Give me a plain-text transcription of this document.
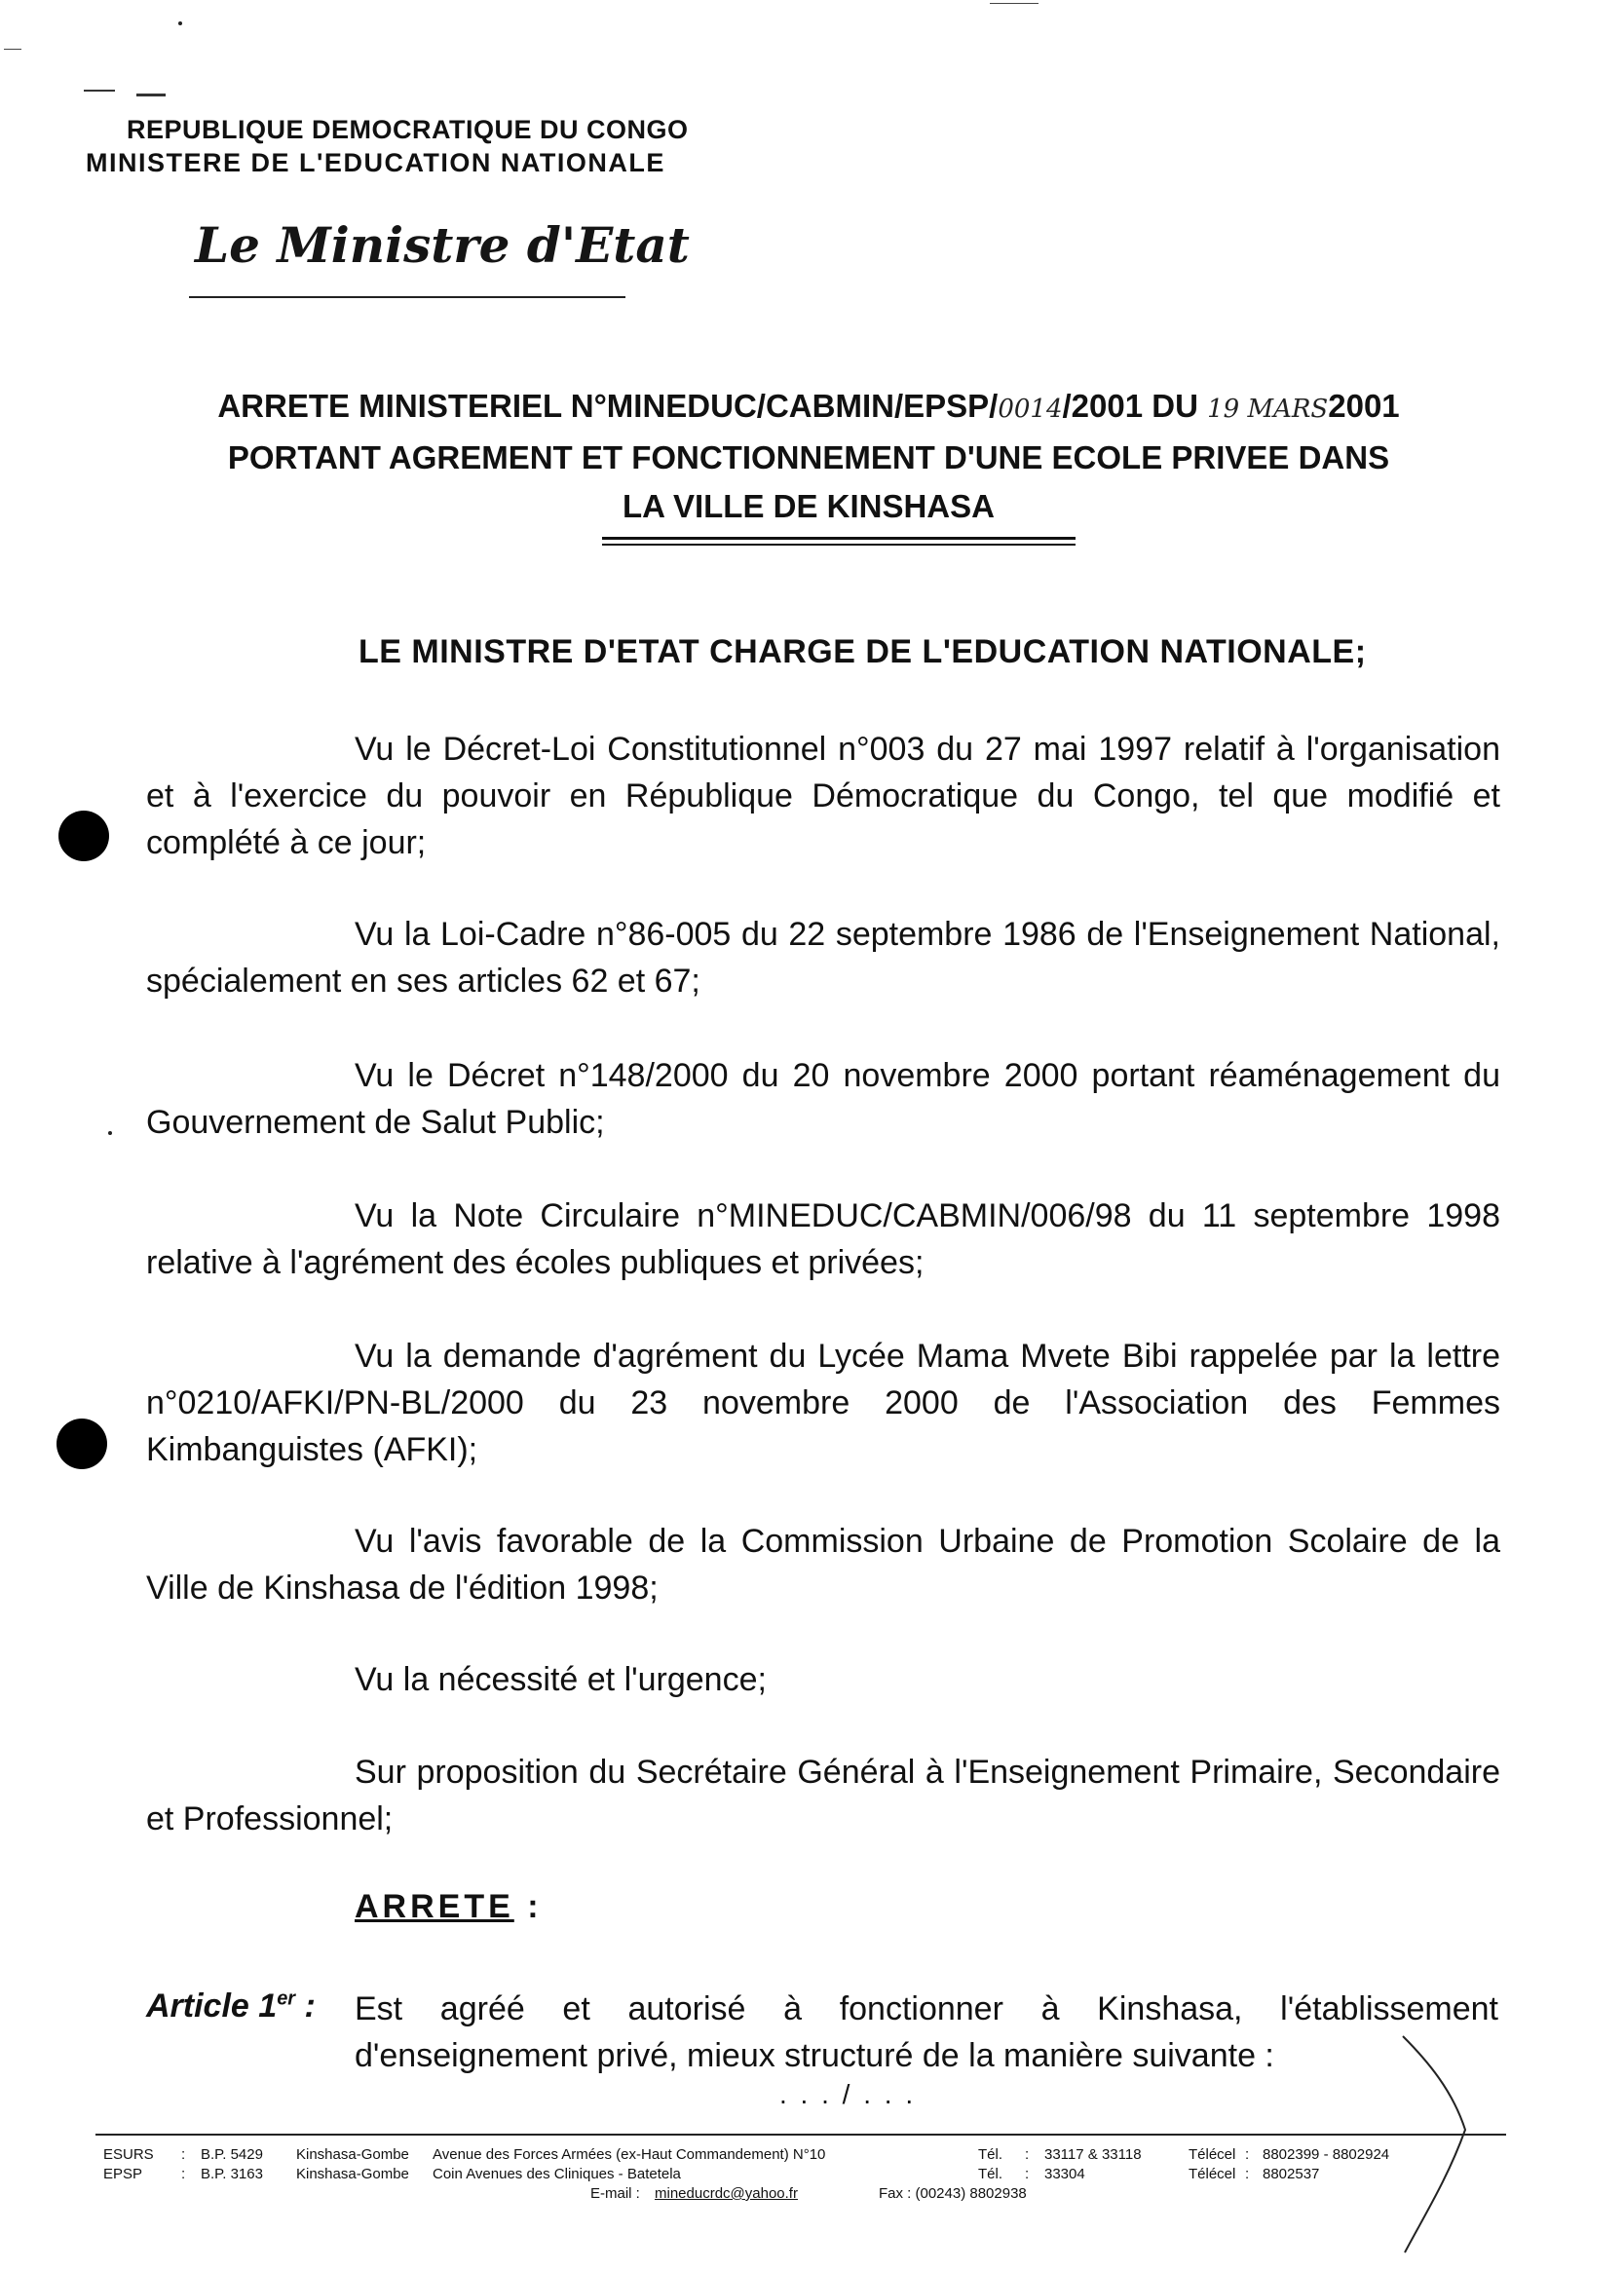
REPUBLIQUE DEMOCRATIQUE DU CONGO
MINISTERE DE L'EDUCATION NATIONALE
Le Ministre d'Etat
ARRETE MINISTERIEL N°MINEDUC/CABMIN/EPSP/0014/2001 DU 19 MARS2001
PORTANT AGREMENT ET FONCTIONNEMENT D'UNE ECOLE PRIVEE DANS
LA VILLE DE KINSHASA
LE MINISTRE D'ETAT CHARGE DE L'EDUCATION NATIONALE;
Vu le Décret-Loi Constitutionnel n°003 du 27 mai 1997 relatif à l'organisation et à l'exercice du pouvoir en République Démocratique du Congo, tel que modifié et complété à ce jour;
Vu la Loi-Cadre n°86-005 du 22 septembre 1986 de l'Enseignement National, spécialement en ses articles 62 et 67;
Vu le Décret n°148/2000 du 20 novembre 2000 portant réaménagement du Gouvernement de Salut Public;
Vu la Note Circulaire n°MINEDUC/CABMIN/006/98 du 11 septembre 1998 relative à l'agrément des écoles publiques et privées;
Vu la demande d'agrément du Lycée Mama Mvete Bibi rappelée par la lettre n°0210/AFKI/PN-BL/2000 du 23 novembre 2000 de l'Association des Femmes Kimbanguistes (AFKI);
Vu l'avis favorable de la Commission Urbaine de Promotion Scolaire de la Ville de Kinshasa de l'édition 1998;
Vu la nécessité et l'urgence;
Sur proposition du Secrétaire Général à l'Enseignement Primaire, Secondaire et Professionnel;
ARRETE :
Article 1er : Est agréé et autorisé à fonctionner à Kinshasa, l'établissement d'enseignement privé, mieux structuré de la manière suivante :
. . . / . . .
ESURS : B.P. 5429 Kinshasa-Gombe Avenue des Forces Armées (ex-Haut Commandement) N°10	Tél. : 33117 & 33118	Télécel : 8802399 - 8802924
EPSP	: B.P. 3163 Kinshasa-Gombe Coin Avenues des Cliniques - Batetela	Tél. : 33304	Télécel : 8802537
E-mail : mineducrdc@yahoo.fr	Fax : (00243) 8802938
